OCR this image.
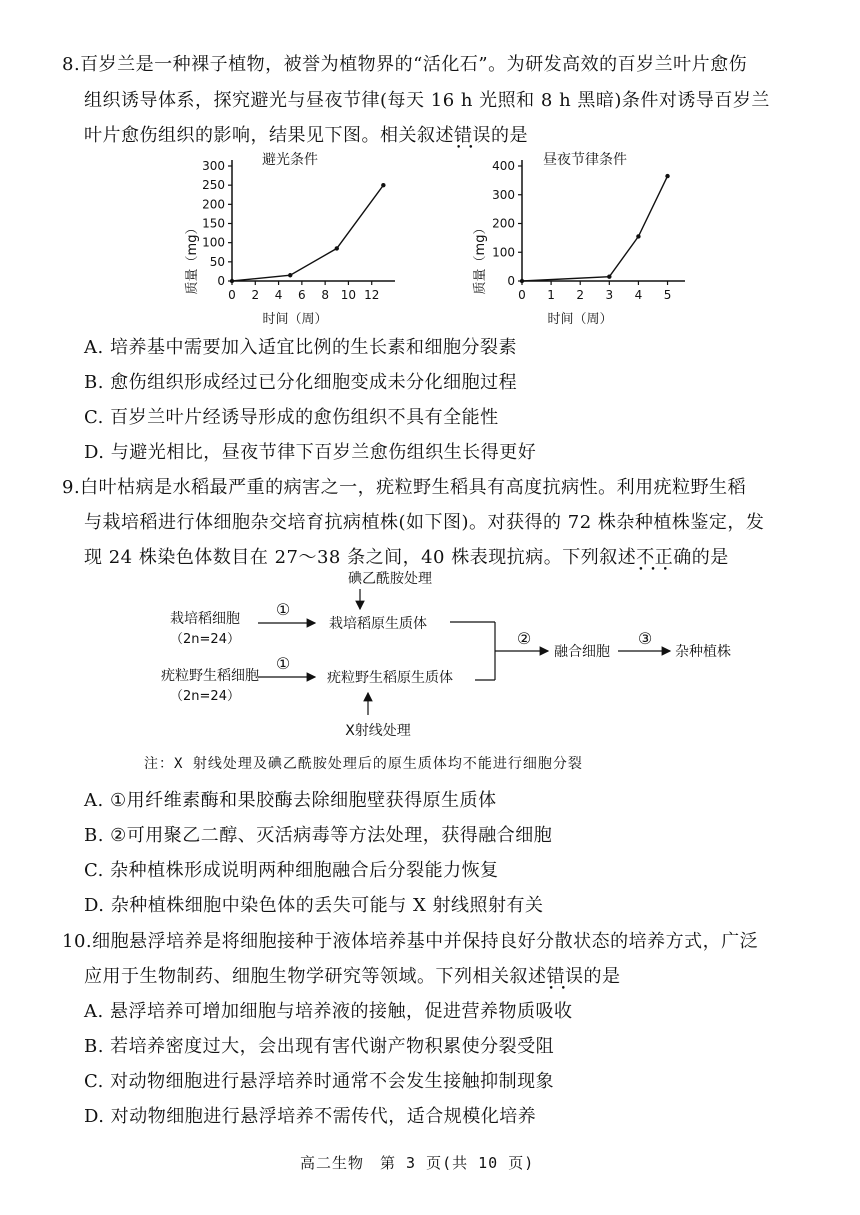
8.百岁兰是一种裸子植物，被誉为植物界的“活化石”。为研发高效的百岁兰叶片愈伤
组织诱导体系，探究避光与昼夜节律(每天 16 h 光照和 8 h 黑暗)条件对诱导百岁兰
叶片愈伤组织的影响，结果见下图。相关叙述错误 • •的是
避光条件
质量（mg） 0
50
100
150
200
250
300
0 2 4 6 8 10 12
时间（周）
昼夜节律条件
质量（mg） 0
100
200
300
400
0 1 2 3 4 5
时间（周）
A. 培养基中需要加入适宜比例的生长素和细胞分裂素
B. 愈伤组织形成经过已分化细胞变成未分化细胞过程
C. 百岁兰叶片经诱导形成的愈伤组织不具有全能性
D. 与避光相比，昼夜节律下百岁兰愈伤组织生长得更好
9.白叶枯病是水稻最严重的病害之一，疣粒野生稻具有高度抗病性。利用疣粒野生稻
与栽培稻进行体细胞杂交培育抗病植株(如下图)。对获得的 72 株杂种植株鉴定，发
现 24 株染色体数目在 27～38 条之间，40 株表现抗病。下列叙述不正确 • • •的是
碘乙酰胺处理
栽培稻细胞
（2n=24）
①
栽培稻原生质体
疣粒野生稻细胞
（2n=24）
①
疣粒野生稻原生质体
②
融合细胞
③
杂种植株
X射线处理
注：X 射线处理及碘乙酰胺处理后的原生质体均不能进行细胞分裂
A. ①用纤维素酶和果胶酶去除细胞壁获得原生质体
B. ②可用聚乙二醇、灭活病毒等方法处理，获得融合细胞
C. 杂种植株形成说明两种细胞融合后分裂能力恢复
D. 杂种植株细胞中染色体的丢失可能与 X 射线照射有关
10.细胞悬浮培养是将细胞接种于液体培养基中并保持良好分散状态的培养方式，广泛
应用于生物制药、细胞生物学研究等领域。下列相关叙述错误 • •的是
A. 悬浮培养可增加细胞与培养液的接触，促进营养物质吸收
B. 若培养密度过大，会出现有害代谢产物积累使分裂受阻
C. 对动物细胞进行悬浮培养时通常不会发生接触抑制现象
D. 对动物细胞进行悬浮培养不需传代，适合规模化培养
高二生物　第 3 页(共 10 页)
